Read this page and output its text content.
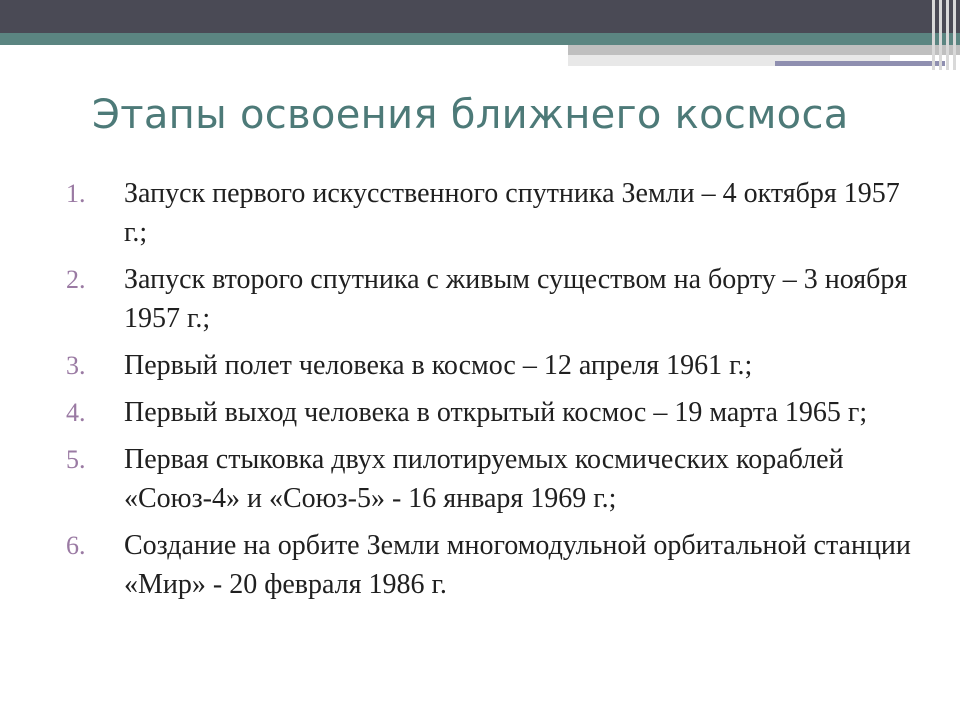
Этапы освоения ближнего космоса
1.	Запуск первого искусственного спутника Земли – 4 октября 1957 г.;
2.	Запуск второго спутника с живым существом на борту – 3 ноября 1957 г.;
3.	Первый полет человека в космос – 12 апреля 1961 г.;
4.	Первый выход человека в открытый космос – 19 марта 1965 г;
5.	Первая стыковка двух пилотируемых космических кораблей «Союз-4» и «Союз-5» - 16 января 1969 г.;
6.	Создание на орбите Земли многомодульной орбитальной станции «Мир» - 20 февраля 1986 г.
